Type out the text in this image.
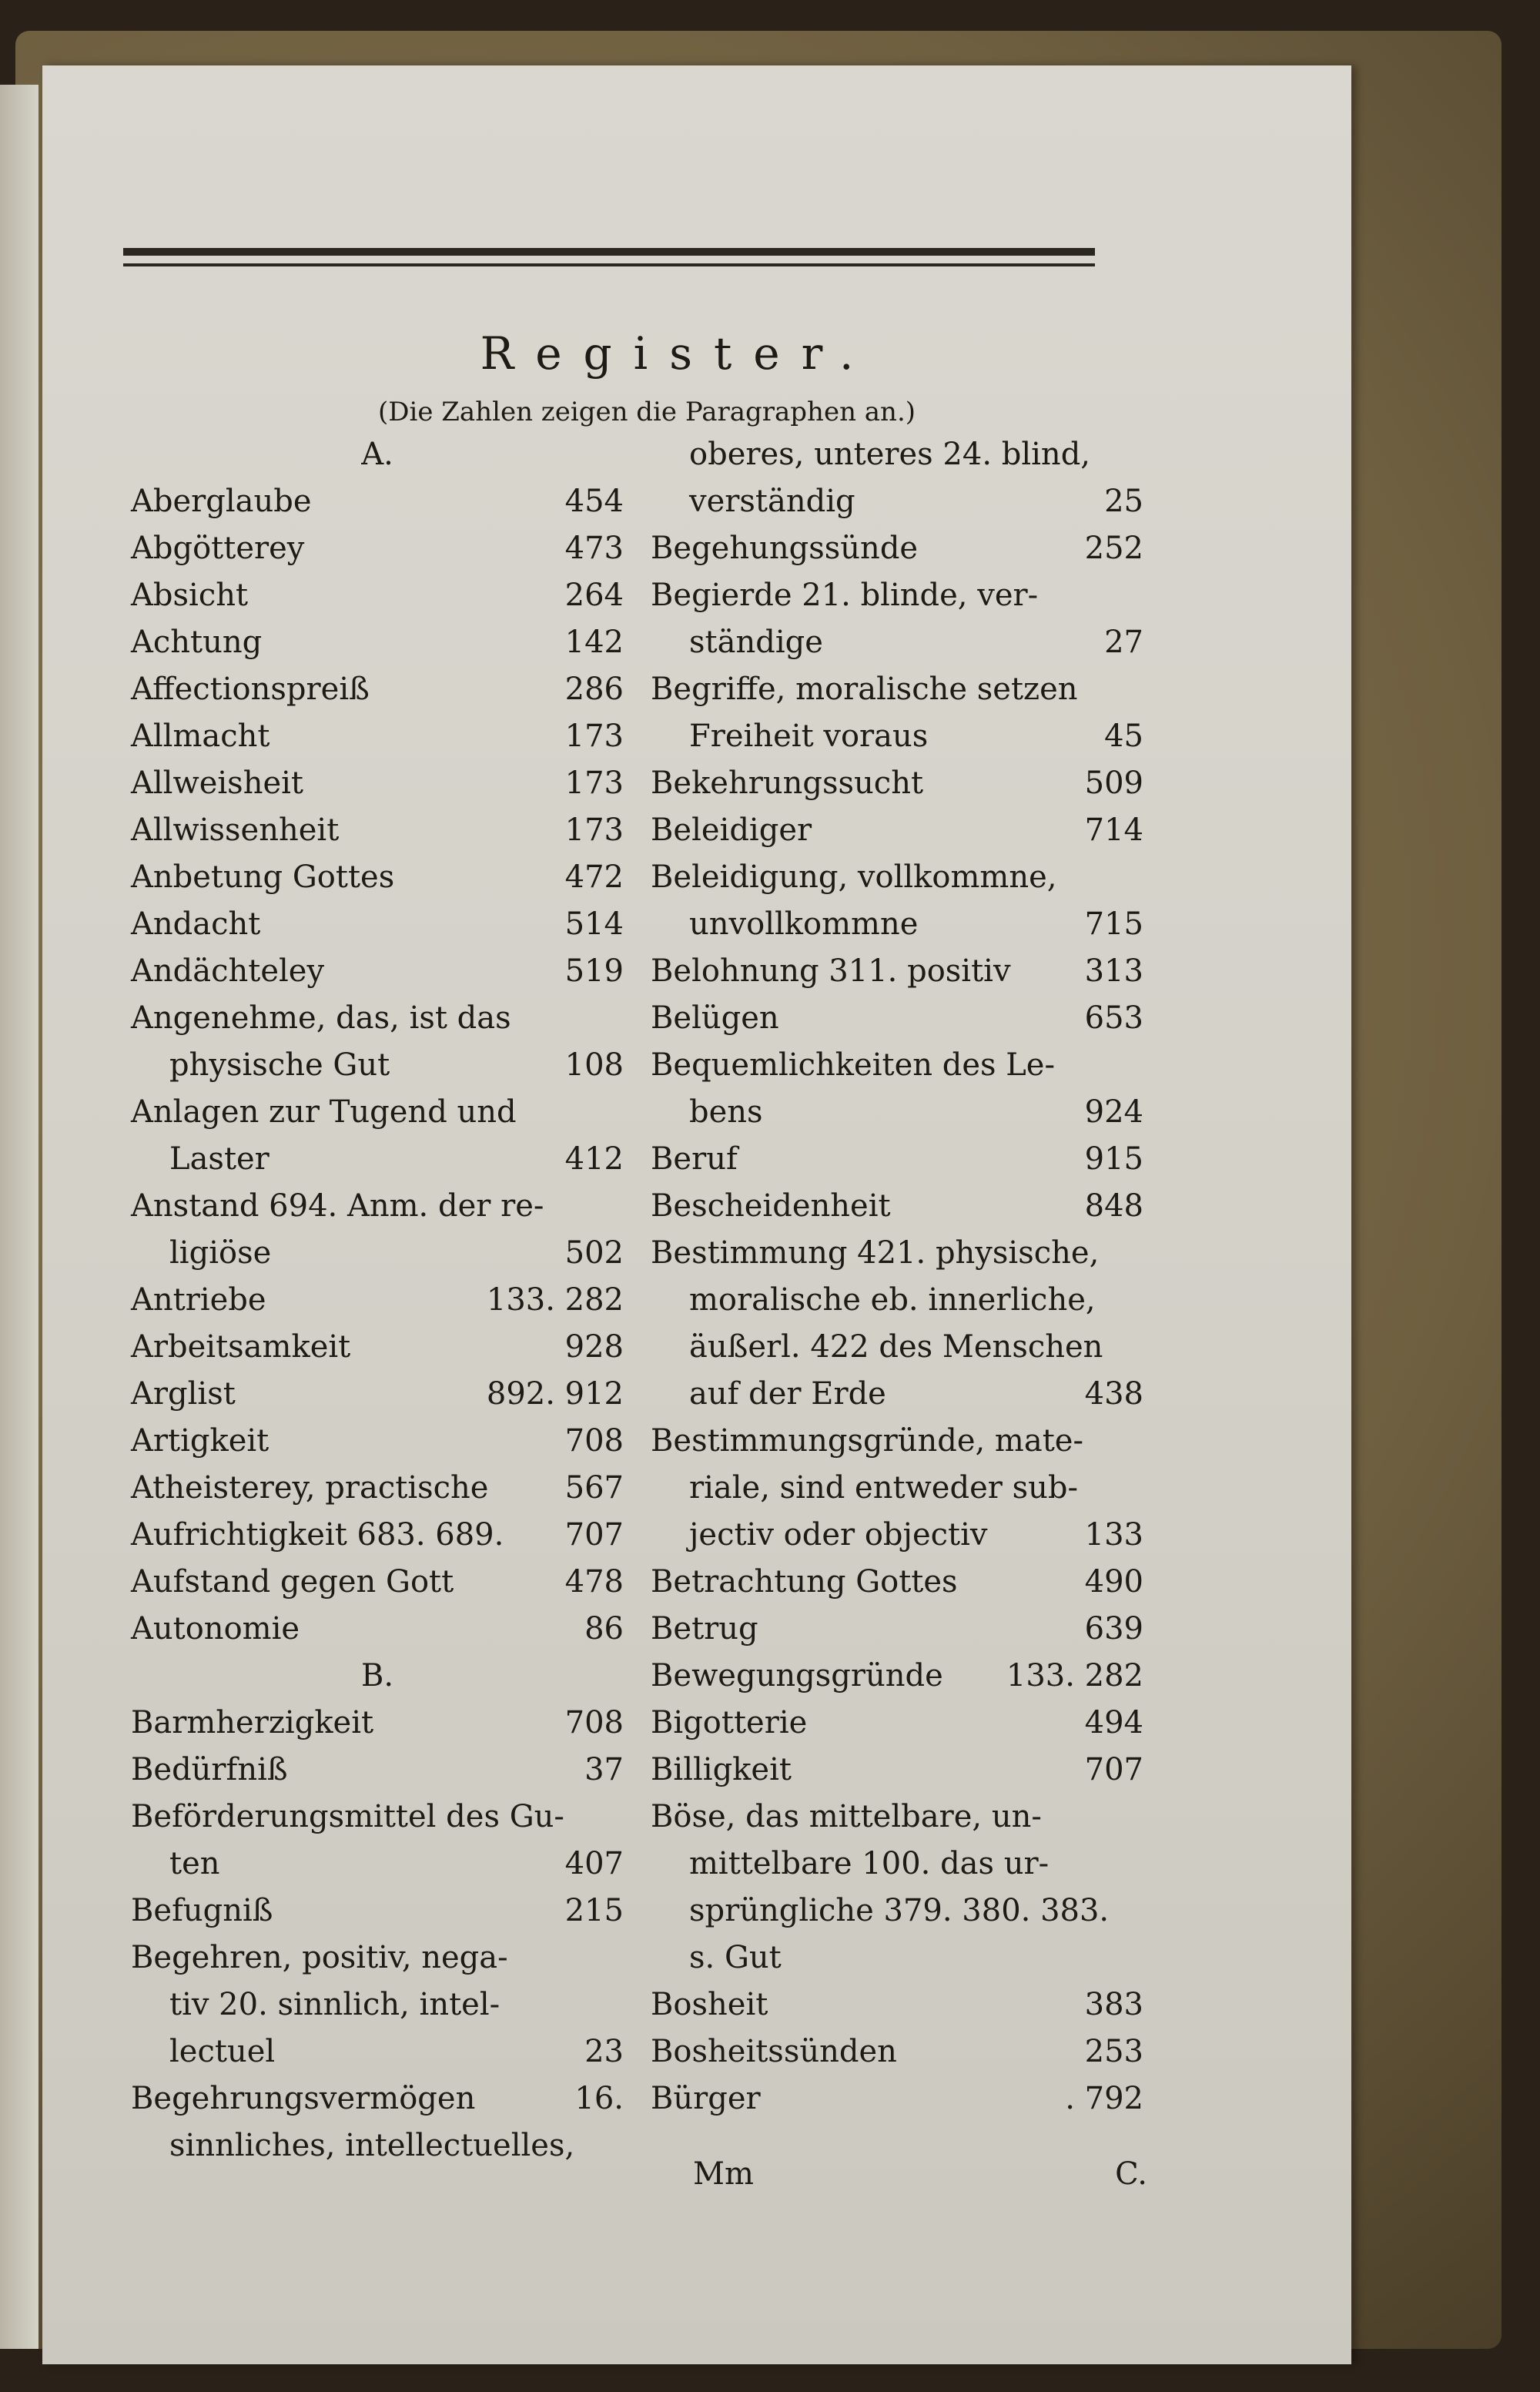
Register.
(Die Zahlen zeigen die Paragraphen an.)
A.
Aberglaube	454
Abgötterey	473
Absicht	264
Achtung	142
Affectionspreiß	286
Allmacht	173
Allweisheit	173
Allwissenheit	173
Anbetung Gottes	472
Andacht	514
Andächteley	519
Angenehme, das, ist das
physische Gut	108
Anlagen zur Tugend und
Laster	412
Anstand 694. Anm. der re-
ligiöse	502
Antriebe	133. 282
Arbeitsamkeit	928
Arglist	892. 912
Artigkeit	708
Atheisterey, practische	567
Aufrichtigkeit 683. 689.	707
Aufstand gegen Gott	478
Autonomie	86
B.
Barmherzigkeit	708
Bedürfniß	37
Beförderungsmittel des Gu-
ten	407
Befugniß	215
Begehren, positiv, nega-
tiv 20. sinnlich, intel-
lectuel	23
Begehrungsvermögen	16.
sinnliches, intellectuelles,
oberes, unteres 24. blind,
verständig	25
Begehungssünde	252
Begierde 21. blinde, ver-
ständige	27
Begriffe, moralische setzen
Freiheit voraus	45
Bekehrungssucht	509
Beleidiger	714
Beleidigung, vollkommne,
unvollkommne	715
Belohnung 311. positiv	313
Belügen	653
Bequemlichkeiten des Le-
bens	924
Beruf	915
Bescheidenheit	848
Bestimmung 421. physische,
moralische eb. innerliche,
äußerl. 422 des Menschen
auf der Erde	438
Bestimmungsgründe, mate-
riale, sind entweder sub-
jectiv oder objectiv	133
Betrachtung Gottes	490
Betrug	639
Bewegungsgründe	133. 282
Bigotterie	494
Billigkeit	707
Böse, das mittelbare, un-
mittelbare 100. das ur-
sprüngliche 379. 380. 383.
s. Gut
Bosheit	383
Bosheitssünden	253
Bürger	. 792
Mm	C.
